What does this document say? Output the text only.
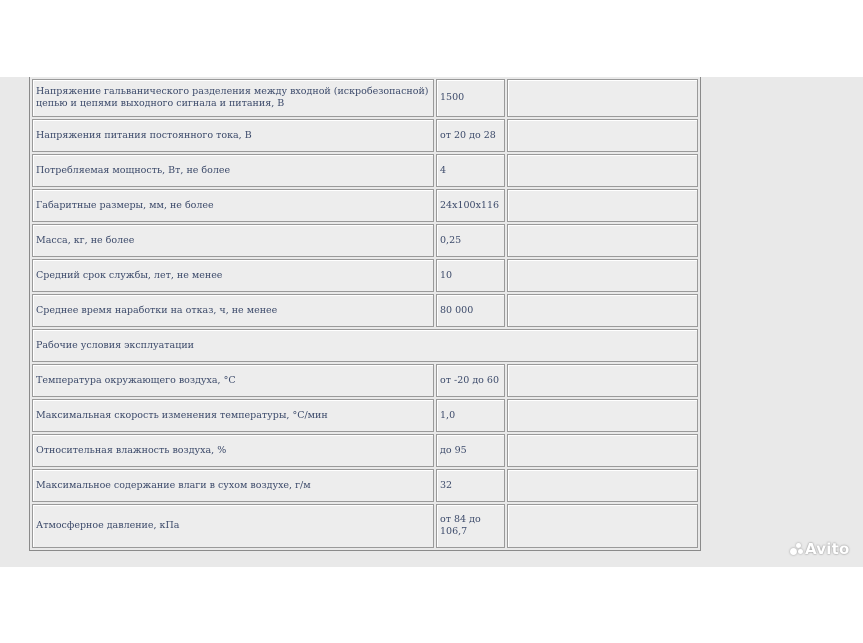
Напряжение гальванического разделения между входной (искробезопасной) цепью и цепями выходного сигнала и питания, В	1500	
Напряжения питания постоянного тока, В	от 20 до 28	
Потребляемая мощность, Вт, не более	4	
Габаритные размеры, мм, не более	24х100х116	
Масса, кг, не более	0,25	
Средний срок службы, лет, не менее	10	
Среднее время наработки на отказ, ч, не менее	80 000	
Рабочие условия эксплуатации		
Температура окружающего воздуха, °С	от -20 до 60	
Максимальная скорость изменения температуры, °С/мин	1,0	
Относительная влажность воздуха, %	до 95	
Максимальное содержание влаги в сухом воздухе, г/м	32	
Атмосферное давление, кПа	от 84 до 106,7	
Avito
